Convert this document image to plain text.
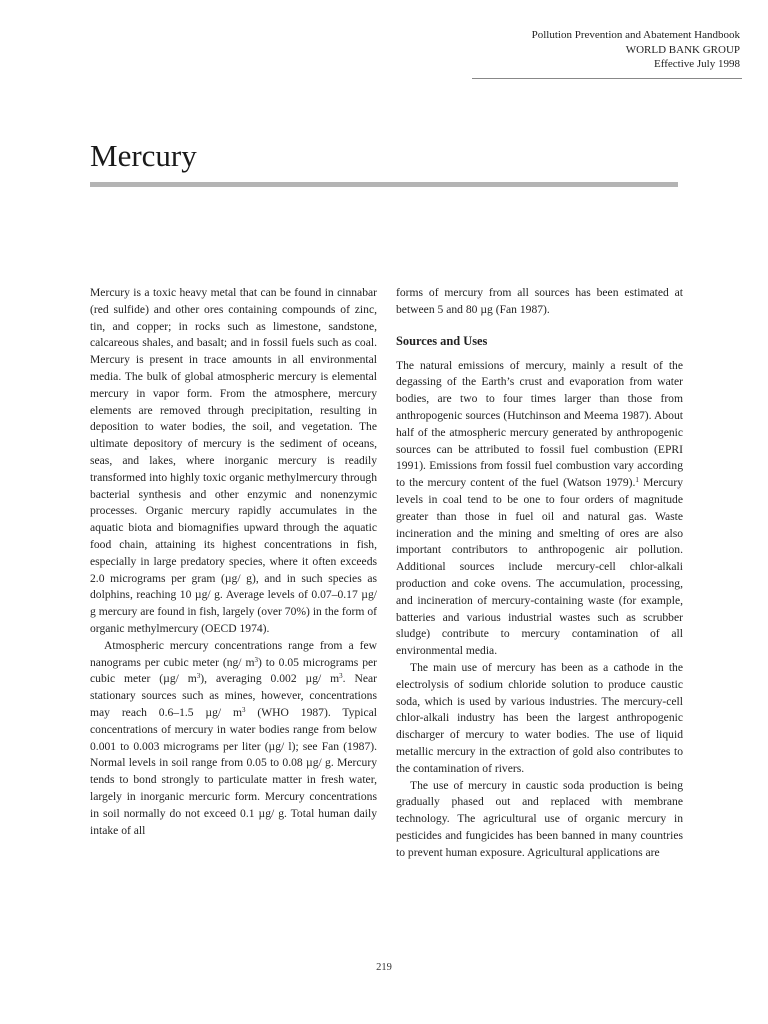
Pollution Prevention and Abatement Handbook
WORLD BANK GROUP
Effective July 1998
Mercury

Mercury is a toxic heavy metal that can be found in cinnabar (red sulfide) and other ores containing compounds of zinc, tin, and copper; in rocks such as limestone, sandstone, calcareous shales, and basalt; and in fossil fuels such as coal. Mercury is present in trace amounts in all environmental media. The bulk of global atmospheric mercury is elemental mercury in vapor form. From the atmosphere, mercury elements are removed through precipitation, resulting in deposition to water bodies, the soil, and vegetation. The ultimate depository of mercury is the sediment of oceans, seas, and lakes, where inorganic mercury is readily transformed into highly toxic organic methylmercury through bacterial synthesis and other enzymic and nonenzymic processes. Organic mercury rapidly accumulates in the aquatic biota and biomagnifies upward through the aquatic food chain, attaining its highest concentrations in fish, especially in large predatory species, where it often exceeds 2.0 micrograms per gram (µg/ g), and in such species as dolphins, reaching 10 µg/ g. Average levels of 0.07–0.17 µg/ g mercury are found in fish, largely (over 70%) in the form of organic methylmercury (OECD 1974).

Atmospheric mercury concentrations range from a few nanograms per cubic meter (ng/ $m^3$) to 0.05 micrograms per cubic meter (µg/ $m^3$), averaging 0.002 µg/ $m^3$. Near stationary sources such as mines, however, concentrations may reach 0.6–1.5 µg/ $m^3$ (WHO 1987). Typical concentrations of mercury in water bodies range from below 0.001 to 0.003 micrograms per liter (µg/ l); see Fan (1987). Normal levels in soil range from 0.05 to 0.08 µg/ g. Mercury tends to bond strongly to particulate matter in fresh water, largely in inorganic mercuric form. Mercury concentrations in soil normally do not exceed 0.1 µg/ g. Total human daily intake of all

forms of mercury from all sources has been estimated at between 5 and 80 µg (Fan 1987).

Sources and Uses

The natural emissions of mercury, mainly a result of the degassing of the Earth’s crust and evaporation from water bodies, are two to four times larger than those from anthropogenic sources (Hutchinson and Meema 1987). About half of the atmospheric mercury generated by anthropogenic sources can be attributed to fossil fuel combustion (EPRI 1991). Emissions from fossil fuel combustion vary according to the mercury content of the fuel (Watson 1979).$^1$ Mercury levels in coal tend to be one to four orders of magnitude greater than those in fuel oil and natural gas. Waste incineration and the mining and smelting of ores are also important contributors to anthropogenic air pollution. Additional sources include mercury-cell chlor-alkali production and coke ovens. The accumulation, processing, and incineration of mercury-containing waste (for example, batteries and various industrial wastes such as scrubber sludge) contribute to mercury contamination of all environmental media.

The main use of mercury has been as a cathode in the electrolysis of sodium chloride solution to produce caustic soda, which is used by various industries. The mercury-cell chlor-alkali industry has been the largest anthropogenic discharger of mercury to water bodies. The use of liquid metallic mercury in the extraction of gold also contributes to the contamination of rivers.

The use of mercury in caustic soda production is being gradually phased out and replaced with membrane technology. The agricultural use of organic mercury in pesticides and fungicides has been banned in many countries to prevent human exposure. Agricultural applications are

219
